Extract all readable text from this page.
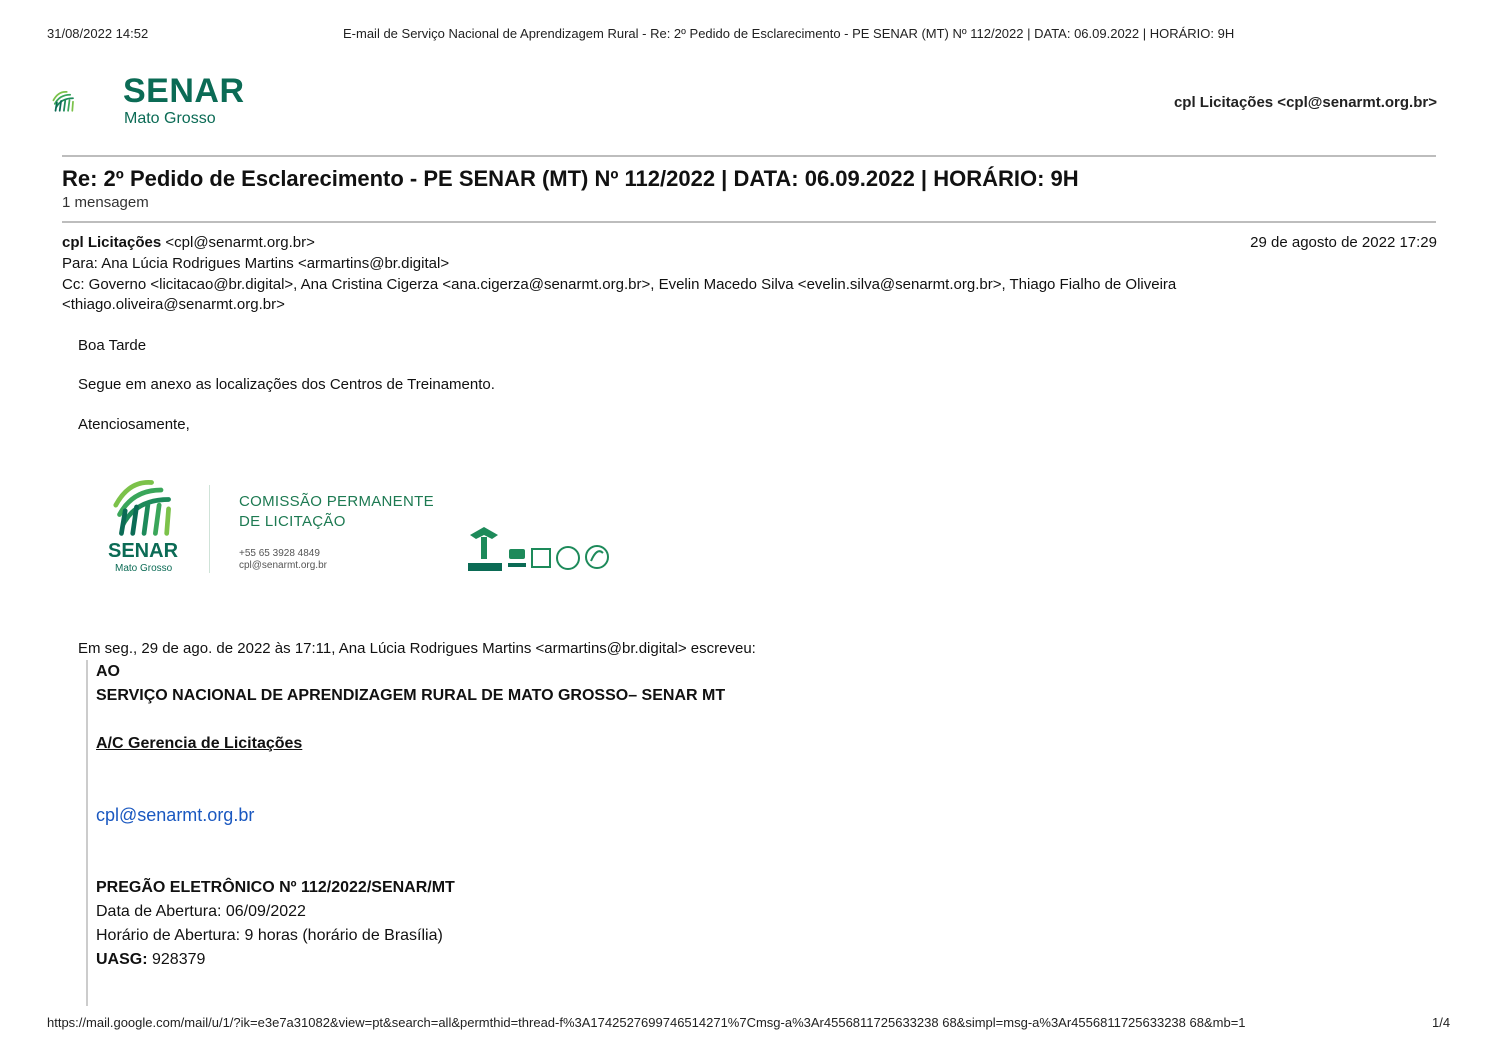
31/08/2022 14:52	E-mail de Serviço Nacional de Aprendizagem Rural - Re: 2º Pedido de Esclarecimento - PE SENAR (MT) Nº 112/2022 | DATA: 06.09.2022 | HORÁRIO: 9H
SENAR
Mato Grosso
cpl Licitações <cpl@senarmt.org.br>
Re: 2º Pedido de Esclarecimento - PE SENAR (MT) Nº 112/2022 | DATA: 06.09.2022 | HORÁRIO: 9H
1 mensagem
cpl Licitações <cpl@senarmt.org.br>	29 de agosto de 2022 17:29
Para: Ana Lúcia Rodrigues Martins <armartins@br.digital>
Cc: Governo <licitacao@br.digital>, Ana Cristina Cigerza <ana.cigerza@senarmt.org.br>, Evelin Macedo Silva <evelin.silva@senarmt.org.br>, Thiago Fialho de Oliveira <thiago.oliveira@senarmt.org.br>
Boa Tarde
Segue em anexo as localizações dos Centros de Treinamento.
Atenciosamente,
SENAR
Mato Grosso
COMISSÃO PERMANENTE
DE LICITAÇÃO
+55 65 3928 4849
cpl@senarmt.org.br
Em seg., 29 de ago. de 2022 às 17:11, Ana Lúcia Rodrigues Martins <armartins@br.digital> escreveu:
AO
SERVIÇO NACIONAL DE APRENDIZAGEM RURAL DE MATO GROSSO– SENAR MT
A/C Gerencia de Licitações
cpl@senarmt.org.br
PREGÃO ELETRÔNICO Nº 112/2022/SENAR/MT
Data de Abertura: 06/09/2022
Horário de Abertura: 9 horas (horário de Brasília)
UASG: 928379
https://mail.google.com/mail/u/1/?ik=e3e7a31082&view=pt&search=all&permthid=thread-f%3A1742527699746514271%7Cmsg-a%3Ar4556811725633238 68&simpl=msg-a%3Ar4556811725633238 68&mb=1	1/4
